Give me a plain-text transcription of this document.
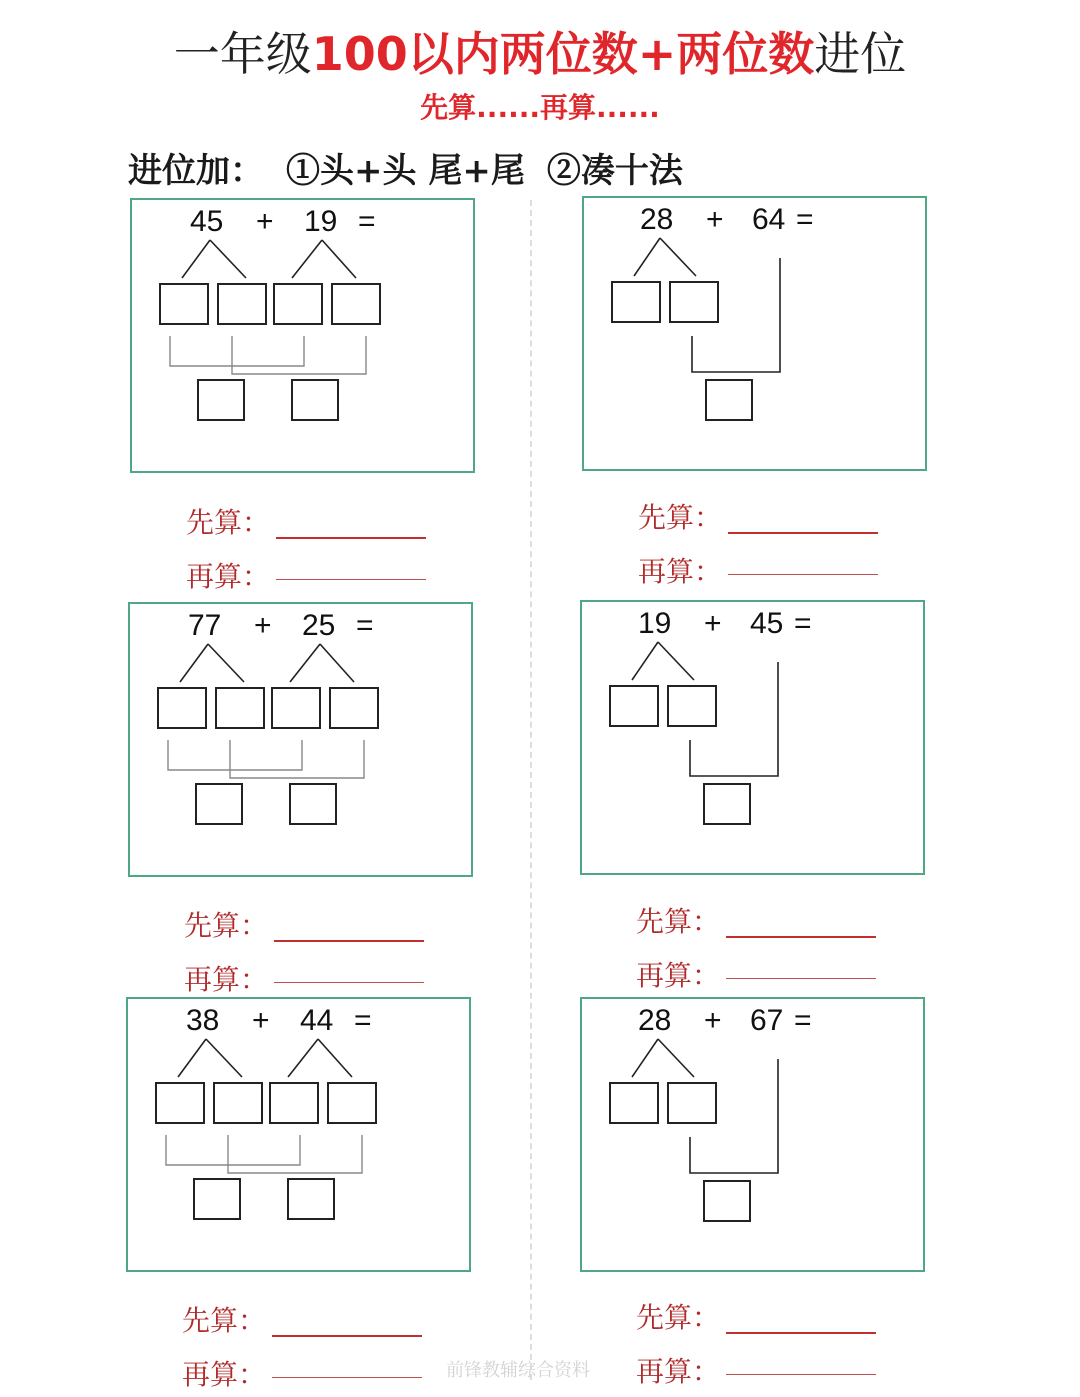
一年级100以内两位数+两位数进位
先算......再算......
进位加： ①头+头 尾+尾 ②凑十法
45 + 19 =
先算：
再算：
28 + 64 =
先算：
再算：
77 + 25 =
先算：
再算：
19 + 45 =
先算：
再算：
38 + 44 =
先算：
再算：
28 + 67 =
先算：
再算：
前锋教辅综合资料
